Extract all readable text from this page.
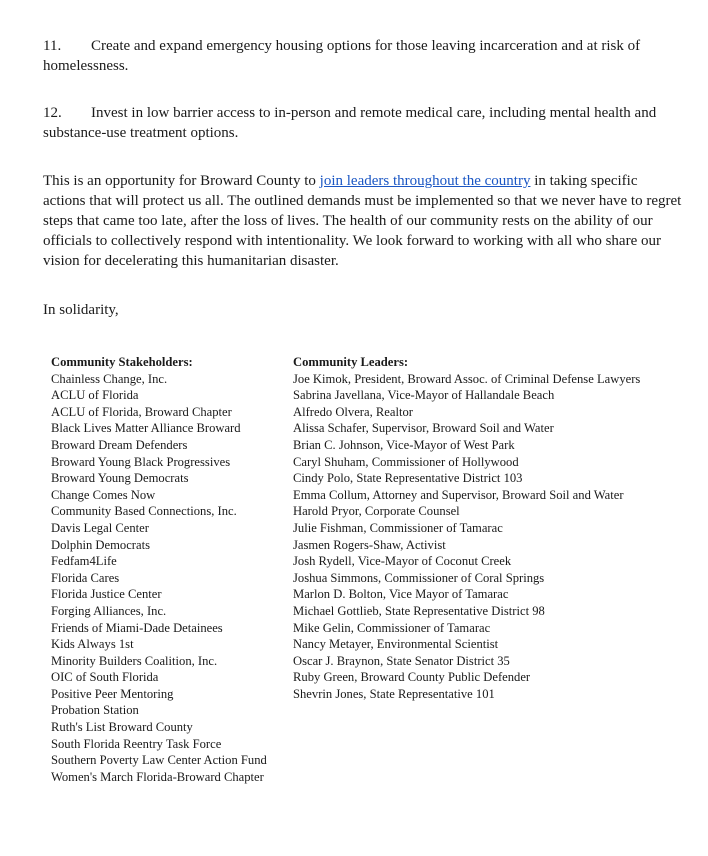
11. Create and expand emergency housing options for those leaving incarceration and at risk of homelessness.

12. Invest in low barrier access to in-person and remote medical care, including mental health and substance-use treatment options.

This is an opportunity for Broward County to join leaders throughout the country in taking specific actions that will protect us all. The outlined demands must be implemented so that we never have to regret steps that came too late, after the loss of lives. The health of our community rests on the ability of our officials to collectively respond with intentionality. We look forward to working with all who share our vision for decelerating this humanitarian disaster.

In solidarity,

Community Stakeholders:

Chainless Change, Inc.
ACLU of Florida
ACLU of Florida, Broward Chapter
Black Lives Matter Alliance Broward
Broward Dream Defenders
Broward Young Black Progressives
Broward Young Democrats
Change Comes Now
Community Based Connections, Inc.
Davis Legal Center
Dolphin Democrats
Fedfam4Life
Florida Cares
Florida Justice Center
Forging Alliances, Inc.
Friends of Miami-Dade Detainees
Kids Always 1st
Minority Builders Coalition, Inc.
OIC of South Florida
Positive Peer Mentoring
Probation Station
Ruth's List Broward County
South Florida Reentry Task Force
Southern Poverty Law Center Action Fund
Women's March Florida-Broward Chapter

Community Leaders:

Joe Kimok, President, Broward Assoc. of Criminal Defense Lawyers
Sabrina Javellana, Vice-Mayor of Hallandale Beach
Alfredo Olvera, Realtor
Alissa Schafer, Supervisor, Broward Soil and Water
Brian C. Johnson, Vice-Mayor of West Park
Caryl Shuham, Commissioner of Hollywood
Cindy Polo, State Representative District 103
Emma Collum, Attorney and Supervisor, Broward Soil and Water
Harold Pryor, Corporate Counsel
Julie Fishman, Commissioner of Tamarac
Jasmen Rogers-Shaw, Activist
Josh Rydell, Vice-Mayor of Coconut Creek
Joshua Simmons, Commissioner of Coral Springs
Marlon D. Bolton, Vice Mayor of Tamarac
Michael Gottlieb, State Representative District 98
Mike Gelin, Commissioner of Tamarac
Nancy Metayer, Environmental Scientist
Oscar J. Braynon, State Senator District 35
Ruby Green, Broward County Public Defender
Shevrin Jones, State Representative 101
